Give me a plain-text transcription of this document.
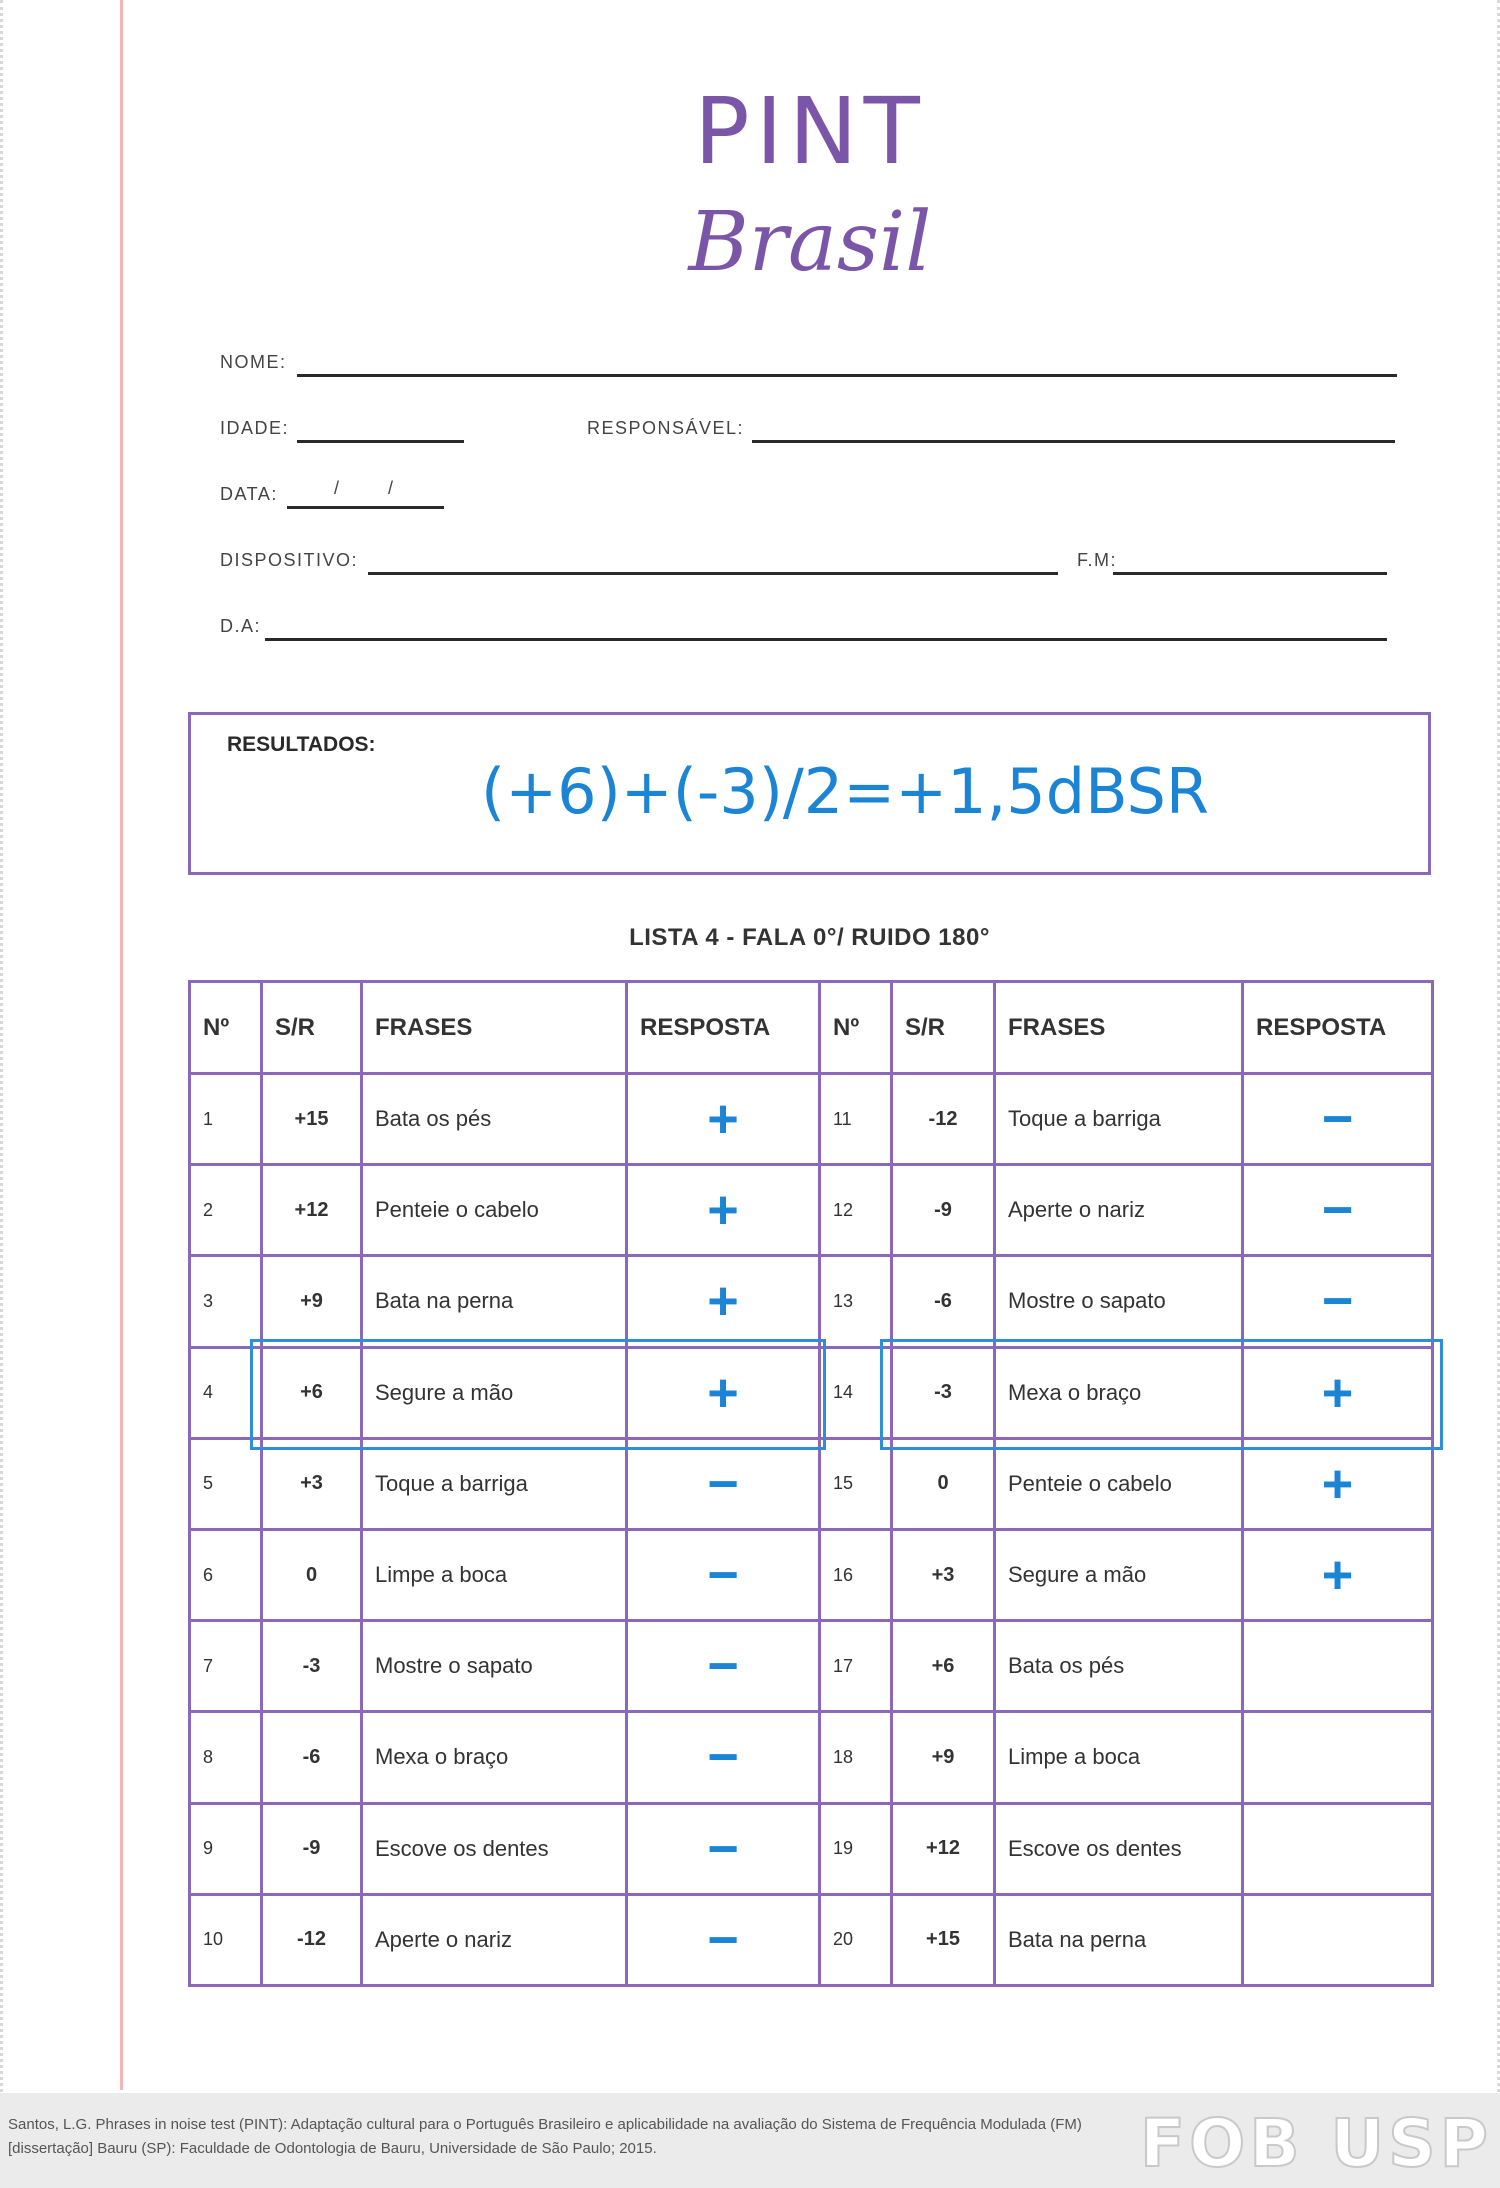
PINT
Brasil
NOME:
IDADE:	RESPONSÁVEL:
DATA:	/	/
DISPOSITIVO:	F.M:
D.A:
RESULTADOS:
(+6)+(-3)/2=+1,5dBSR
LISTA 4 - FALA 0°/ RUIDO 180°
Nº	S/R	FRASES	RESPOSTA	Nº	S/R	FRASES	RESPOSTA
1	+15	Bata os pés	+	11	-12	Toque a barriga	−
2	+12	Penteie o cabelo	+	12	-9	Aperte o nariz	−
3	+9	Bata na perna	+	13	-6	Mostre o sapato	−
4	+6	Segure a mão	+	14	-3	Mexa o braço	+
5	+3	Toque a barriga	−	15	0	Penteie o cabelo	+
6	0	Limpe a boca	−	16	+3	Segure a mão	+
7	-3	Mostre o sapato	−	17	+6	Bata os pés	
8	-6	Mexa o braço	−	18	+9	Limpe a boca	
9	-9	Escove os dentes	−	19	+12	Escove os dentes	
10	-12	Aperte o nariz	−	20	+15	Bata na perna	
Santos, L.G. Phrases in noise test (PINT): Adaptação cultural para o Português Brasileiro e aplicabilidade na avaliação do Sistema de Frequência Modulada (FM) [dissertação] Bauru (SP): Faculdade de Odontologia de Bauru, Universidade de São Paulo; 2015.	FOB USP
